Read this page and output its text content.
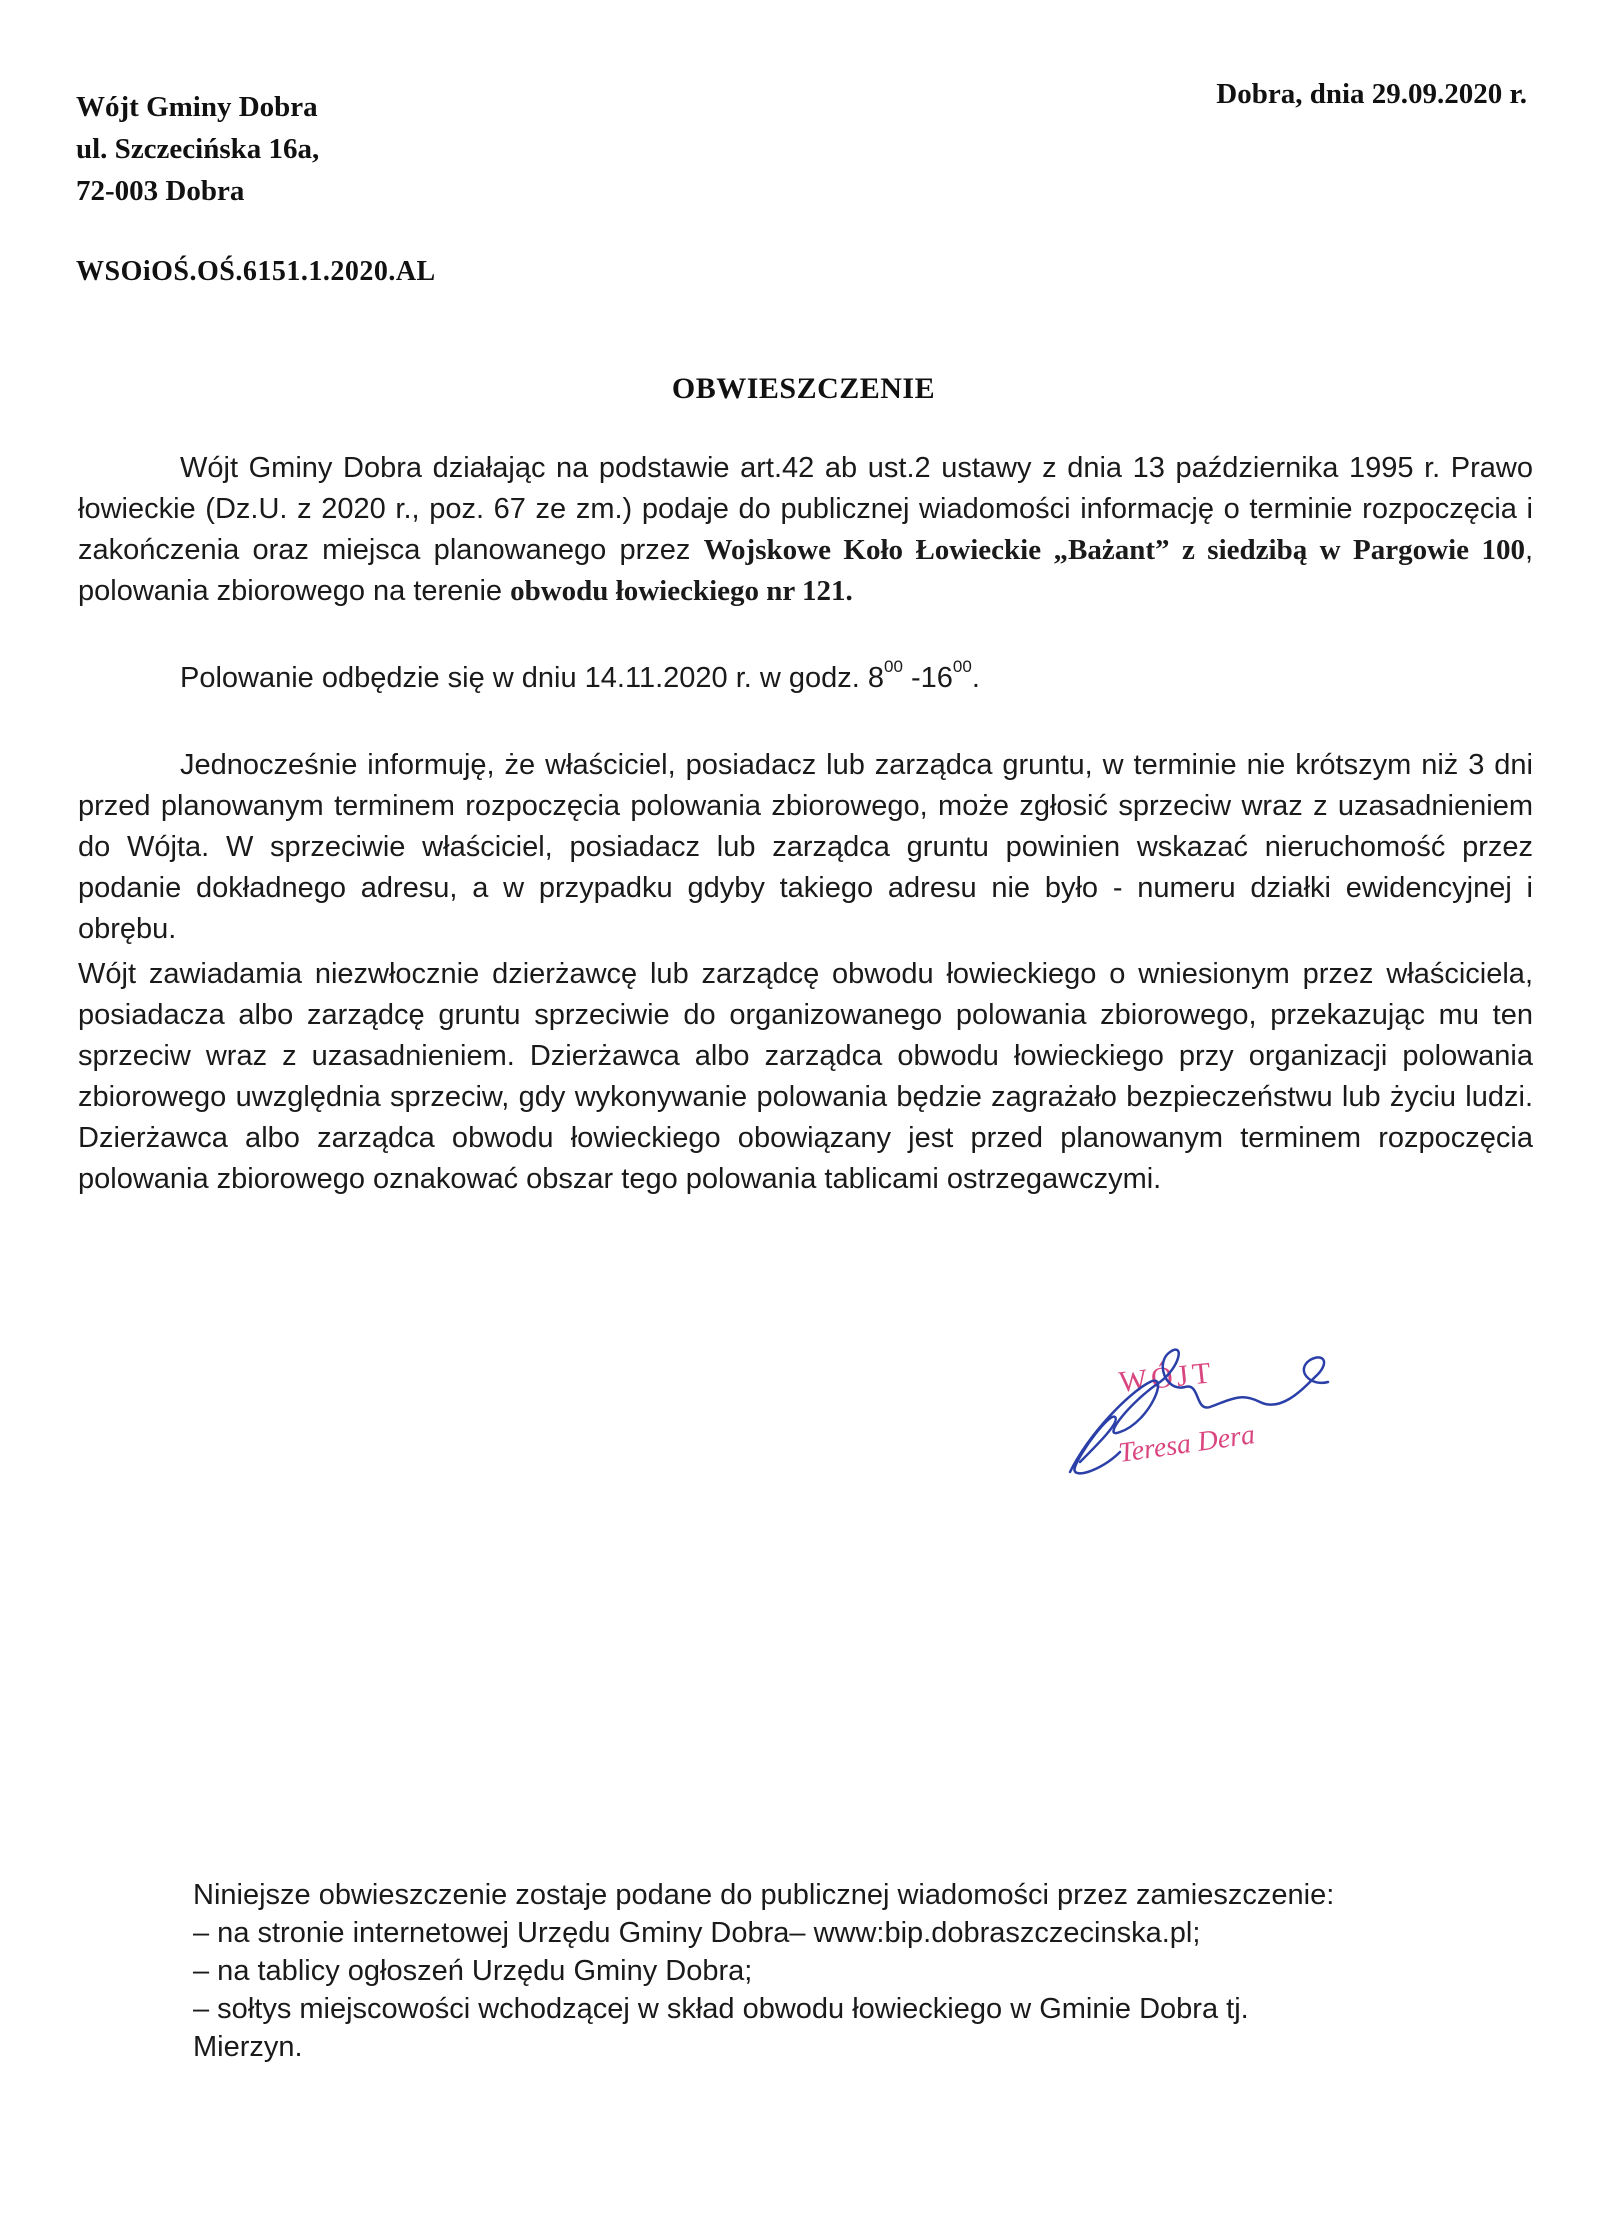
Wójt Gminy Dobra
ul. Szczecińska 16a,
72-003 Dobra
Dobra, dnia 29.09.2020 r.
WSOiOŚ.OŚ.6151.1.2020.AL
OBWIESZCZENIE
Wójt Gminy Dobra działając na podstawie art.42 ab ust.2 ustawy z dnia 13 października 1995 r. Prawo łowieckie (Dz.U. z 2020 r., poz. 67 ze zm.) podaje do publicznej wiadomości informację o terminie rozpoczęcia i zakończenia oraz miejsca planowanego przez Wojskowe Koło Łowieckie „Bażant” z siedzibą w Pargowie 100, polowania zbiorowego na terenie obwodu łowieckiego nr 121.
Polowanie odbędzie się w dniu 14.11.2020 r. w godz. $8^{00}$ $-16^{00}$.
Jednocześnie informuję, że właściciel, posiadacz lub zarządca gruntu, w terminie nie krótszym niż 3 dni przed planowanym terminem rozpoczęcia polowania zbiorowego, może zgłosić sprzeciw wraz z uzasadnieniem do Wójta. W sprzeciwie właściciel, posiadacz lub zarządca gruntu powinien wskazać nieruchomość przez podanie dokładnego adresu, a w przypadku gdyby takiego adresu nie było - numeru działki ewidencyjnej i obrębu.
Wójt zawiadamia niezwłocznie dzierżawcę lub zarządcę obwodu łowieckiego o wniesionym przez właściciela, posiadacza albo zarządcę gruntu sprzeciwie do organizowanego polowania zbiorowego, przekazując mu ten sprzeciw wraz z uzasadnieniem. Dzierżawca albo zarządca obwodu łowieckiego przy organizacji polowania zbiorowego uwzględnia sprzeciw, gdy wykonywanie polowania będzie zagrażało bezpieczeństwu lub życiu ludzi. Dzierżawca albo zarządca obwodu łowieckiego obowiązany jest przed planowanym terminem rozpoczęcia polowania zbiorowego oznakować obszar tego polowania tablicami ostrzegawczymi.
WÓJT
Teresa Dera
Niniejsze obwieszczenie zostaje podane do publicznej wiadomości przez zamieszczenie:
– na stronie internetowej Urzędu Gminy Dobra– www:bip.dobraszczecinska.pl;
– na tablicy ogłoszeń Urzędu Gminy Dobra;
– sołtys miejscowości wchodzącej w skład obwodu łowieckiego w Gminie Dobra tj.
Mierzyn.
